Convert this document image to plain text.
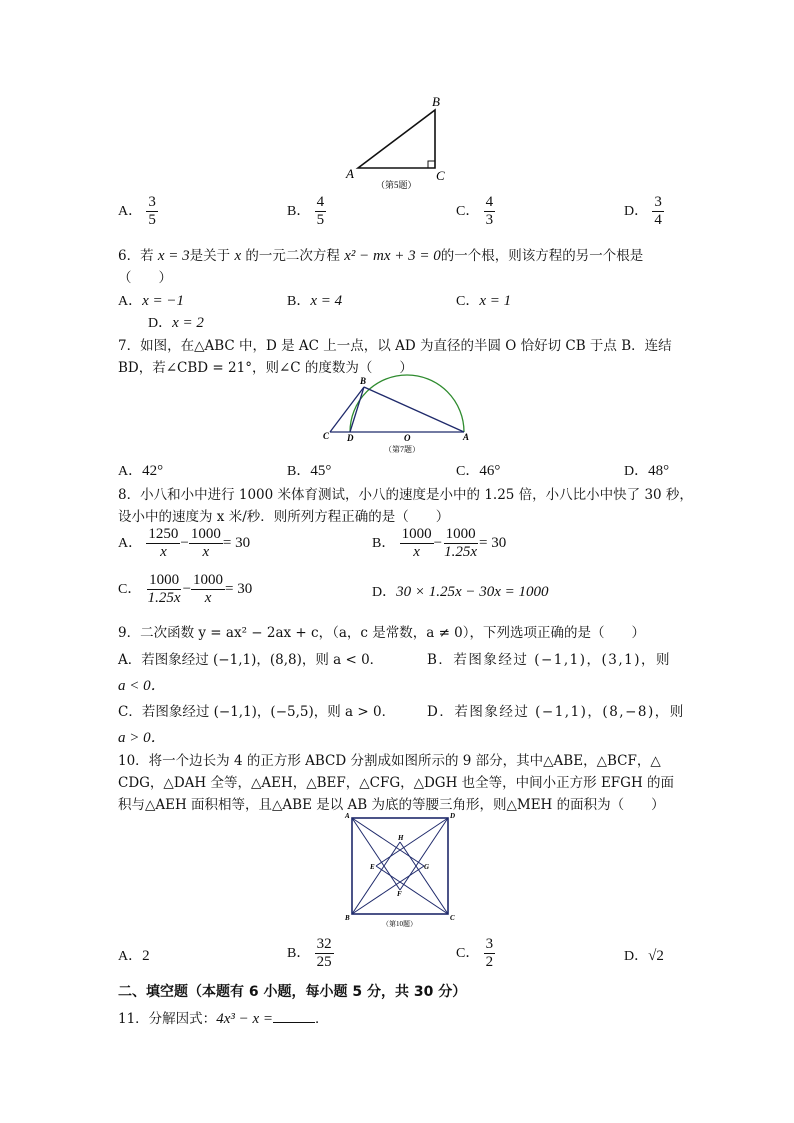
A
B
C
（第5题）
A． $\frac{3}{5}$	B． $\frac{4}{5}$	C． $\frac{4}{3}$	D． $\frac{3}{4}$
6．若 x = 3是关于 x 的一元二次方程 x² − mx + 3 = 0的一个根，则该方程的另一个根是
（　　）
A．x = −1	B．x = 4	C．x = 1
D．x = 2
7．如图，在△ABC 中，D 是 AC 上一点，以 AD 为直径的半圆 O 恰好切 CB 于点 B．连结
BD，若∠CBD = 21°，则∠C 的度数为（　　）
B
C D	O	A
（第7题）
A．42°	B．45°	C．46°	D．48°
8．小八和小中进行 1000 米体育测试，小八的速度是小中的 1.25 倍，小八比小中快了 30 秒，
设小中的速度为 x 米/秒．则所列方程正确的是（　　）
A． $\frac{1250}{x} - \frac{1000}{x} = 30$	B． $\frac{1000}{x} - \frac{1000}{1.25x} = 30$
C． $\frac{1000}{1.25x} - \frac{1000}{x} = 30$	D．30 × 1.25x − 30x = 1000
9．二次函数 y = ax² − 2ax + c，（a，c 是常数，a ≠ 0），下列选项正确的是（　　）
A．若图象经过 (−1,1)，(8,8)，则 a < 0．	B．若图象经过 (−1,1)，(3,1)，则
a < 0．
C．若图象经过 (−1,1)，(−5,5)，则 a > 0． D．若图象经过 (−1,1)，(8,−8)，则
a > 0．
10．将一个边长为 4 的正方形 ABCD 分割成如图所示的 9 部分，其中△ABE，△BCF，△
CDG，△DAH 全等，△AEH，△BEF，△CFG，△DGH 也全等，中间小正方形 EFGH 的面
积与△AEH 面积相等，且△ABE 是以 AB 为底的等腰三角形，则△MEH 的面积为（　　）
A	D
B	C
H
E	G
F
（第10题）
A．2	B． $\frac{32}{25}$	C． $\frac{3}{2}$	D．√2
二、填空题（本题有 6 小题，每小题 5 分，共 30 分）
11．分解因式：4x³ − x =	．
